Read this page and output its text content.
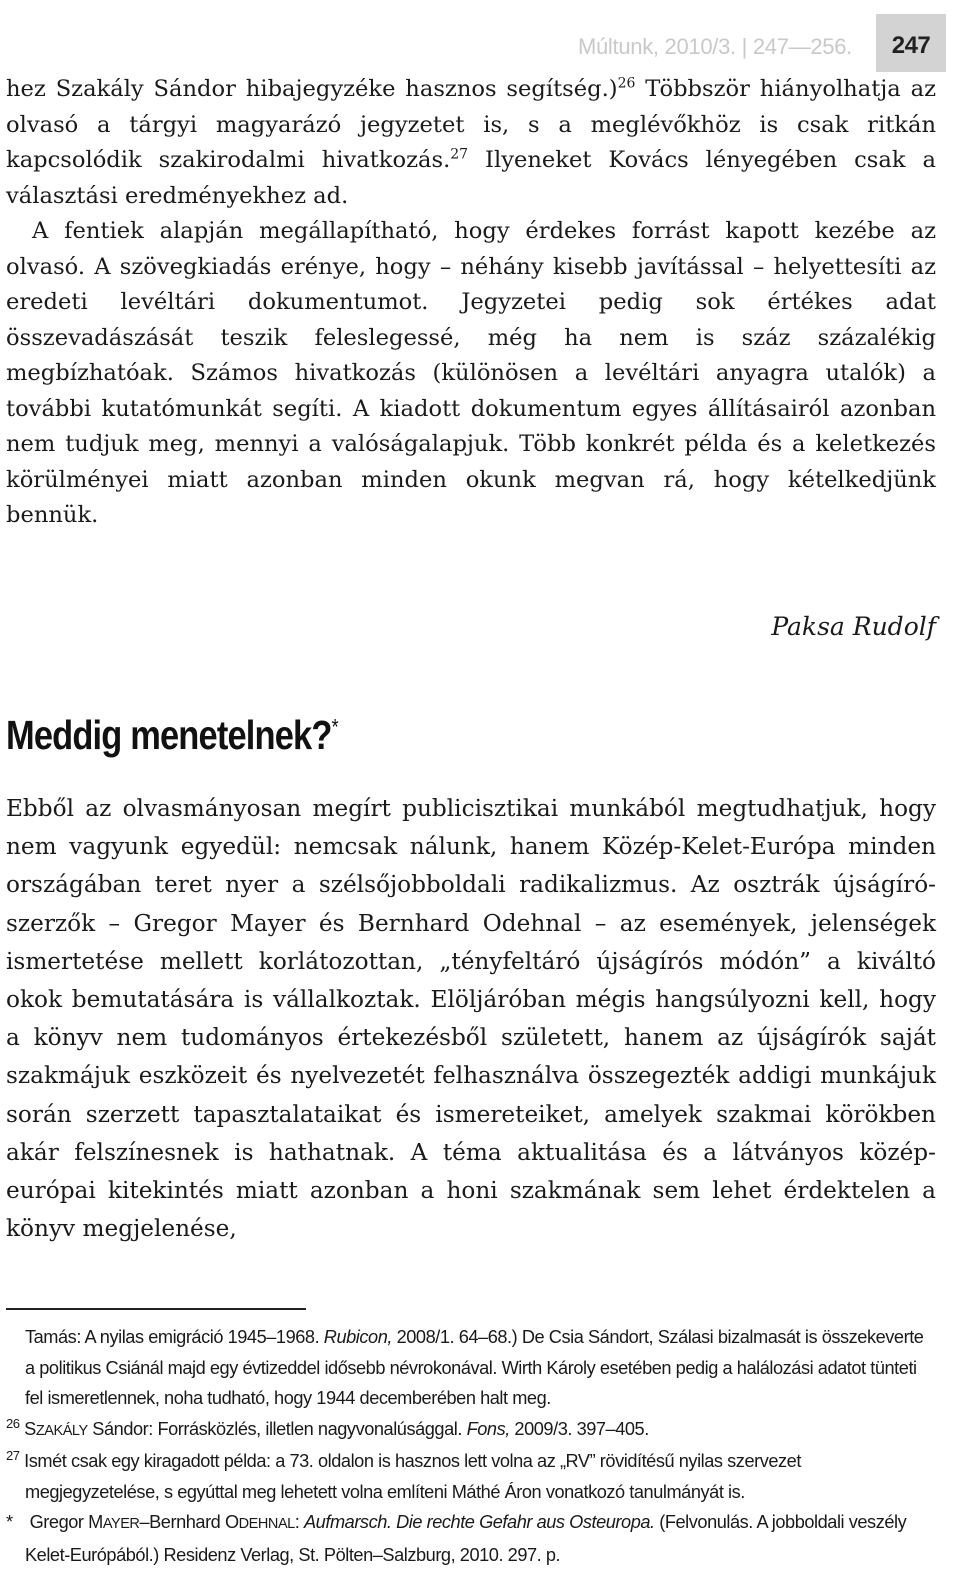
Múltunk, 2010/3. | 247—256.	247

hez Szakály Sándor hibajegyzéke hasznos segítség.)$^{26}$ Többször hiányolhatja az olvasó a tárgyi magyarázó jegyzetet is, s a meglévőkhöz is csak ritkán kapcsolódik szakirodalmi hivatkozás.$^{27}$ Ilyeneket Kovács lényegében csak a választási eredményekhez ad.

A fentiek alapján megállapítható, hogy érdekes forrást kapott kezébe az olvasó. A szövegkiadás erénye, hogy – néhány kisebb javítással – helyettesíti az eredeti levéltári dokumentumot. Jegyzetei pedig sok értékes adat összevadászását teszik feleslegessé, még ha nem is száz százalékig megbízhatóak. Számos hivatkozás (különösen a levéltári anyagra utalók) a további kutatómunkát segíti. A kiadott dokumentum egyes állításairól azonban nem tudjuk meg, mennyi a valóságalapjuk. Több konkrét példa és a keletkezés körülményei miatt azonban minden okunk megvan rá, hogy kételkedjünk bennük.

Paksa Rudolf
Meddig menetelnek?*

Ebből az olvasmányosan megírt publicisztikai munkából megtudhatjuk, hogy nem vagyunk egyedül: nemcsak nálunk, hanem Közép-Kelet-Európa minden országában teret nyer a szélsőjobboldali radikalizmus. Az osztrák újságíró-szerzők – Gregor Mayer és Bernhard Odehnal – az események, jelenségek ismertetése mellett korlátozottan, „tényfeltáró újságírós módón” a kiváltó okok bemutatására is vállalkoztak. Elöljáróban mégis hangsúlyozni kell, hogy a könyv nem tudományos értekezésből született, hanem az újságírók saját szakmájuk eszközeit és nyelvezetét felhasználva összegezték addigi munkájuk során szerzett tapasztalataikat és ismereteiket, amelyek szakmai körökben akár felszínesnek is hathatnak. A téma aktualitása és a látványos közép-európai kitekintés miatt azonban a honi szakmának sem lehet érdektelen a könyv megjelenése,

Tamás: A nyilas emigráció 1945–1968. Rubicon, 2008/1. 64–68.) De Csia Sándort, Szálasi bizalmasát is összekeverte a politikus Csiánál majd egy évtizeddel idősebb névrokonával. Wirth Károly esetében pedig a halálozási adatot tünteti fel ismeretlennek, noha tudható, hogy 1944 decemberében halt meg.
$^{26}$ SZAKÁLY Sándor: Forrásközlés, illetlen nagyvonalúsággal. Fons, 2009/3. 397–405.
$^{27}$ Ismét csak egy kiragadott példa: a 73. oldalon is hasznos lett volna az „RV” rövidítésű nyilas szervezet megjegyzetelése, s egyúttal meg lehetett volna említeni Máthé Áron vonatkozó tanulmányát is.
* Gregor MAYER–Bernhard ODEHNAL: Aufmarsch. Die rechte Gefahr aus Osteuropa. (Felvonulás. A jobboldali veszély Kelet-Európából.) Residenz Verlag, St. Pölten–Salzburg, 2010. 297. p.
